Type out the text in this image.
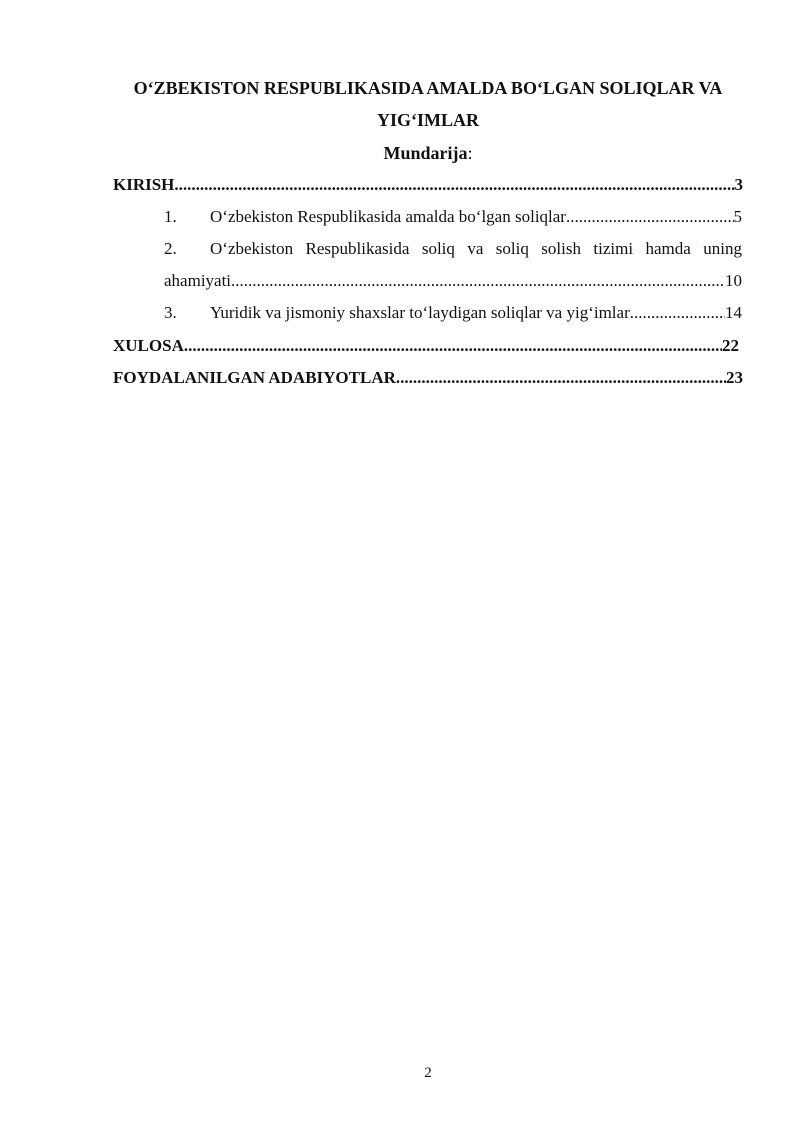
O‘ZBEKISTON RESPUBLIKASIDA AMALDA BO‘LGAN SOLIQLAR VA
YIG‘IMLAR
Mundarija:
KIRISH .....	3
1.	O‘zbekiston Respublikasida amalda bo‘lgan soliqlar .....	5
2.	O‘zbekiston Respublikasida soliq va soliq solish tizimi hamda uning
ahamiyati .....	10
3.	Yuridik va jismoniy shaxslar to‘laydigan soliqlar va yig‘imlar .....	14
XULOSA .....	22
FOYDALANILGAN ADABIYOTLAR .....	23
2
